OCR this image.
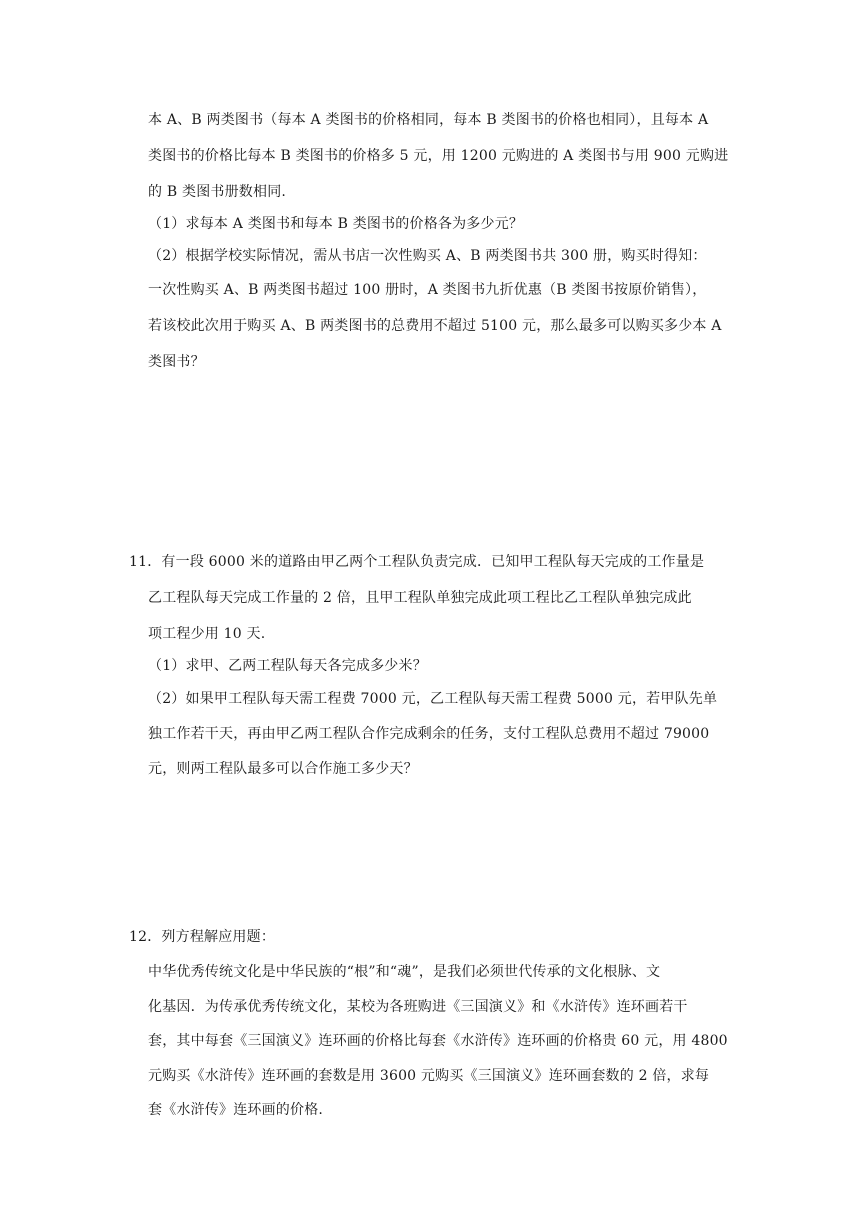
本 A、B 两类图书（每本 A 类图书的价格相同，每本 B 类图书的价格也相同），且每本 A
类图书的价格比每本 B 类图书的价格多 5 元，用 1200 元购进的 A 类图书与用 900 元购进
的 B 类图书册数相同.
（1）求每本 A 类图书和每本 B 类图书的价格各为多少元？
（2）根据学校实际情况，需从书店一次性购买 A、B 两类图书共 300 册，购买时得知：
一次性购买 A、B 两类图书超过 100 册时，A 类图书九折优惠（B 类图书按原价销售），
若该校此次用于购买 A、B 两类图书的总费用不超过 5100 元，那么最多可以购买多少本 A
类图书？
11．有一段 6000 米的道路由甲乙两个工程队负责完成．已知甲工程队每天完成的工作量是
乙工程队每天完成工作量的 2 倍，且甲工程队单独完成此项工程比乙工程队单独完成此
项工程少用 10 天.
（1）求甲、乙两工程队每天各完成多少米？
（2）如果甲工程队每天需工程费 7000 元，乙工程队每天需工程费 5000 元，若甲队先单
独工作若干天，再由甲乙两工程队合作完成剩余的任务，支付工程队总费用不超过 79000
元，则两工程队最多可以合作施工多少天？
12．列方程解应用题：
中华优秀传统文化是中华民族的“根”和“魂”，是我们必须世代传承的文化根脉、文
化基因．为传承优秀传统文化，某校为各班购进《三国演义》和《水浒传》连环画若干
套，其中每套《三国演义》连环画的价格比每套《水浒传》连环画的价格贵 60 元，用 4800
元购买《水浒传》连环画的套数是用 3600 元购买《三国演义》连环画套数的 2 倍，求每
套《水浒传》连环画的价格.
